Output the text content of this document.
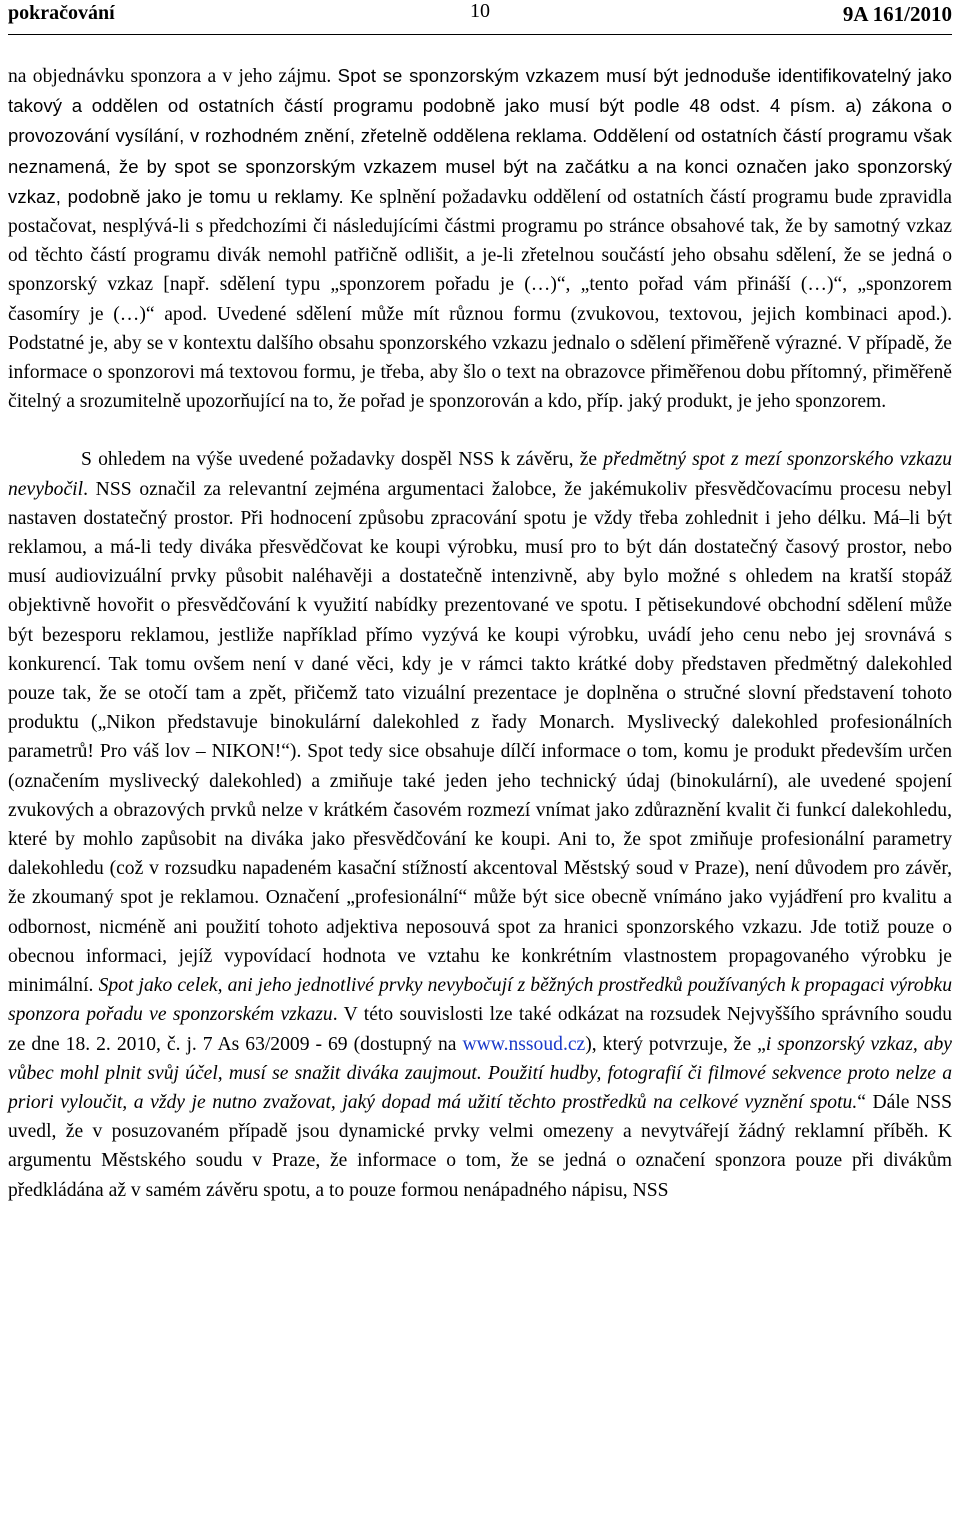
pokračování	10	9A 161/2010

na objednávku sponzora a v jeho zájmu. Spot se sponzorským vzkazem musí být jednoduše identifikovatelný jako takový a oddělen od ostatních částí programu podobně jako musí být podle 48 odst. 4 písm. a) zákona o provozování vysílání, v rozhodném znění, zřetelně oddělena reklama. Oddělení od ostatních částí programu však neznamená, že by spot se sponzorským vzkazem musel být na začátku a na konci označen jako sponzorský vzkaz, podobně jako je tomu u reklamy. Ke splnění požadavku oddělení od ostatních částí programu bude zpravidla postačovat, nesplývá-li s předchozími či následujícími částmi programu po stránce obsahové tak, že by samotný vzkaz od těchto částí programu divák nemohl patřičně odlišit, a je-li zřetelnou součástí jeho obsahu sdělení, že se jedná o sponzorský vzkaz [např. sdělení typu „sponzorem pořadu je (…)“, „tento pořad vám přináší (…)“, „sponzorem časomíry je (…)“ apod. Uvedené sdělení může mít různou formu (zvukovou, textovou, jejich kombinaci apod.). Podstatné je, aby se v kontextu dalšího obsahu sponzorského vzkazu jednalo o sdělení přiměřeně výrazné. V případě, že informace o sponzorovi má textovou formu, je třeba, aby šlo o text na obrazovce přiměřenou dobu přítomný, přiměřeně čitelný a srozumitelně upozorňující na to, že pořad je sponzorován a kdo, příp. jaký produkt, je jeho sponzorem.

S ohledem na výše uvedené požadavky dospěl NSS k závěru, že předmětný spot z mezí sponzorského vzkazu nevybočil. NSS označil za relevantní zejména argumentaci žalobce, že jakémukoliv přesvědčovacímu procesu nebyl nastaven dostatečný prostor. Při hodnocení způsobu zpracování spotu je vždy třeba zohlednit i jeho délku. Má–li být reklamou, a má-li tedy diváka přesvědčovat ke koupi výrobku, musí pro to být dán dostatečný časový prostor, nebo musí audiovizuální prvky působit naléhavěji a dostatečně intenzivně, aby bylo možné s ohledem na kratší stopáž objektivně hovořit o přesvědčování k využití nabídky prezentované ve spotu. I pětisekundové obchodní sdělení může být bezesporu reklamou, jestliže například přímo vyzývá ke koupi výrobku, uvádí jeho cenu nebo jej srovnává s konkurencí. Tak tomu ovšem není v dané věci, kdy je v rámci takto krátké doby představen předmětný dalekohled pouze tak, že se otočí tam a zpět, přičemž tato vizuální prezentace je doplněna o stručné slovní představení tohoto produktu („Nikon představuje binokulární dalekohled z řady Monarch. Myslivecký dalekohled profesionálních parametrů! Pro váš lov – NIKON!“). Spot tedy sice obsahuje dílčí informace o tom, komu je produkt především určen (označením myslivecký dalekohled) a zmiňuje také jeden jeho technický údaj (binokulární), ale uvedené spojení zvukových a obrazových prvků nelze v krátkém časovém rozmezí vnímat jako zdůraznění kvalit či funkcí dalekohledu, které by mohlo zapůsobit na diváka jako přesvědčování ke koupi. Ani to, že spot zmiňuje profesionální parametry dalekohledu (což v rozsudku napadeném kasační stížností akcentoval Městský soud v Praze), není důvodem pro závěr, že zkoumaný spot je reklamou. Označení „profesionální“ může být sice obecně vnímáno jako vyjádření pro kvalitu a odbornost, nicméně ani použití tohoto adjektiva neposouvá spot za hranici sponzorského vzkazu. Jde totiž pouze o obecnou informaci, jejíž vypovídací hodnota ve vztahu ke konkrétním vlastnostem propagovaného výrobku je minimální. Spot jako celek, ani jeho jednotlivé prvky nevybočují z běžných prostředků používaných k propagaci výrobku sponzora pořadu ve sponzorském vzkazu. V této souvislosti lze také odkázat na rozsudek Nejvyššího správního soudu ze dne 18. 2. 2010, č. j. 7 As 63/2009 - 69 (dostupný na www.nssoud.cz), který potvrzuje, že „i sponzorský vzkaz, aby vůbec mohl plnit svůj účel, musí se snažit diváka zaujmout. Použití hudby, fotografií či filmové sekvence proto nelze a priori vyloučit, a vždy je nutno zvažovat, jaký dopad má užití těchto prostředků na celkové vyznění spotu.“ Dále NSS uvedl, že v posuzovaném případě jsou dynamické prvky velmi omezeny a nevytvářejí žádný reklamní příběh. K argumentu Městského soudu v Praze, že informace o tom, že se jedná o označení sponzora pouze při divákům předkládána až v samém závěru spotu, a to pouze formou nenápadného nápisu, NSS
